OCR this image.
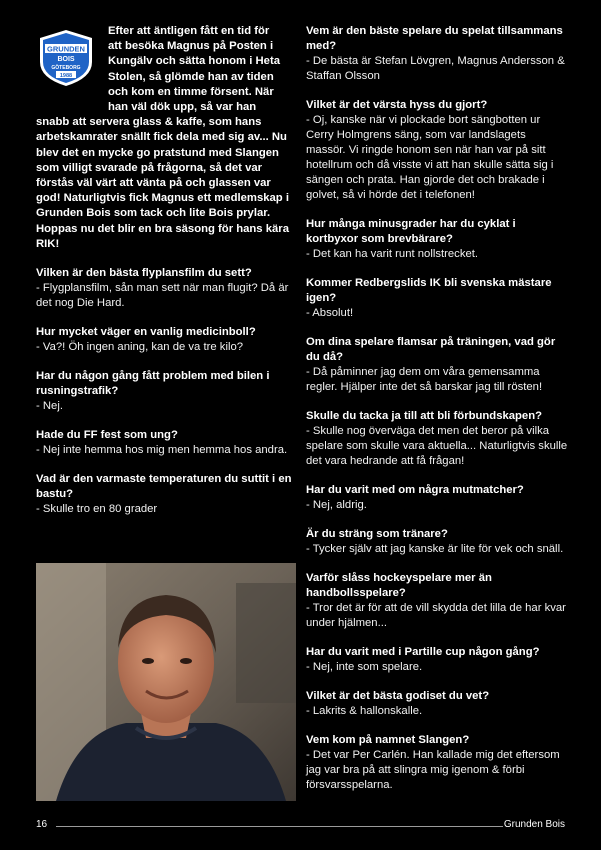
GRUNDEN
BOIS
GÖTEBORG
1988

Efter att äntligen fått en tid för
att besöka Magnus på Posten i
Kungälv och sätta honom i Heta
Stolen, så glömde han av tiden
och kom en timme försent. När
han väl dök upp, så var han
snabb att servera glass & kaffe, som hans arbetskamrater snällt fick dela med sig av... Nu blev det en mycke go pratstund med Slangen som villigt svarade på frågorna, så det var förstås väl värt att vänta på och glassen var god! Naturligtvis fick Magnus ett medlemskap i Grunden Bois som tack och lite Bois prylar. Hoppas nu det blir en bra säsong för hans kära RIK!

Vilken är den bästa flyplansfilm du sett?

- Flygplansfilm, sån man sett när man flugit? Då är det nog Die Hard.

Hur mycket väger en vanlig medicinboll?

- Va?! Öh ingen aning, kan de va tre kilo?

Har du någon gång fått problem med bilen i rusningstrafik?

- Nej.

Hade du FF fest som ung?

- Nej inte hemma hos mig men hemma hos andra.

Vad är den varmaste temperaturen du suttit i en bastu?

- Skulle tro en 80 grader

Vem är den bäste spelare du spelat tillsammans med?

- De bästa är Stefan Lövgren, Magnus Andersson & Staffan Olsson

Vilket är det värsta hyss du gjort?

- Oj, kanske när vi plockade bort sängbotten ur Cerry Holmgrens säng, som var landslagets massör. Vi ringde honom sen när han var på sitt hotellrum och då visste vi att han skulle sätta sig i sängen och prata. Han gjorde det och brakade i golvet, så vi hörde det i telefonen!

Hur många minusgrader har du cyklat i kortbyxor som brevbärare?

- Det kan ha varit runt nollstrecket.

Kommer Redbergslids IK bli svenska mästare igen?

- Absolut!

Om dina spelare flamsar på träningen, vad gör du då?

- Då påminner jag dem om våra gemensamma regler. Hjälper inte det så barskar jag till rösten!

Skulle du tacka ja till att bli förbundskapen?

- Skulle nog överväga det men det beror på vilka spelare som skulle vara aktuella... Naturligtvis skulle det vara hedrande att få frågan!

Har du varit med om några mutmatcher?

- Nej, aldrig.

Är du sträng som tränare?

- Tycker själv att jag kanske är lite för vek och snäll.

Varför slåss hockeyspelare mer än handbollsspelare?

- Tror det är för att de vill skydda det lilla de har kvar under hjälmen...

Har du varit med i Partille cup någon gång?

- Nej, inte som spelare.

Vilket är det bästa godiset du vet?

- Lakrits & hallonskalle.

Vem kom på namnet Slangen?

- Det var Per Carlén. Han kallade mig det eftersom jag var bra på att slingra mig igenom & förbi försvarsspelarna.

16	Grunden Bois
